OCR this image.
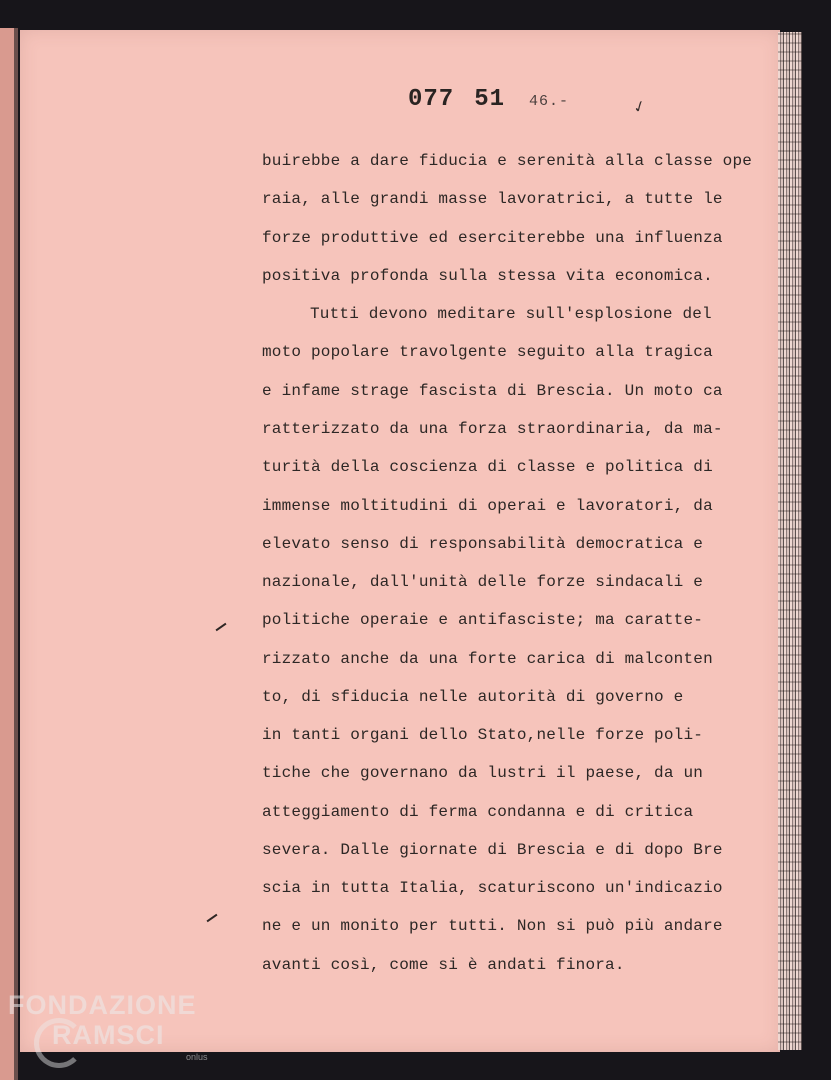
077 51 46.-	✓
buirebbe a dare fiducia e serenità alla classe ope
raia, alle grandi masse lavoratrici, a tutte le
forze produttive ed eserciterebbe una influenza
positiva profonda sulla stessa vita economica.
Tutti devono meditare sull'esplosione del
moto popolare travolgente seguito alla tragica
e infame strage fascista di Brescia. Un moto ca
ratterizzato da una forza straordinaria, da ma-
turità della coscienza di classe e politica di
immense moltitudini di operai e lavoratori, da
elevato senso di responsabilità democratica e
nazionale, dall'unità delle forze sindacali e
politiche operaie e antifasciste; ma caratte-
rizzato anche da una forte carica di malconten
to, di sfiducia nelle autorità di governo e
in tanti organi dello Stato,nelle forze poli-
tiche che governano da lustri il paese, da un
atteggiamento di ferma condanna e di critica
severa. Dalle giornate di Brescia e di dopo Bre
scia in tutta Italia, scaturiscono un'indicazio
ne e un monito per tutti. Non si può più andare
avanti così, come si è andati finora.
FONDAZIONE
RAMSCI
onlus
